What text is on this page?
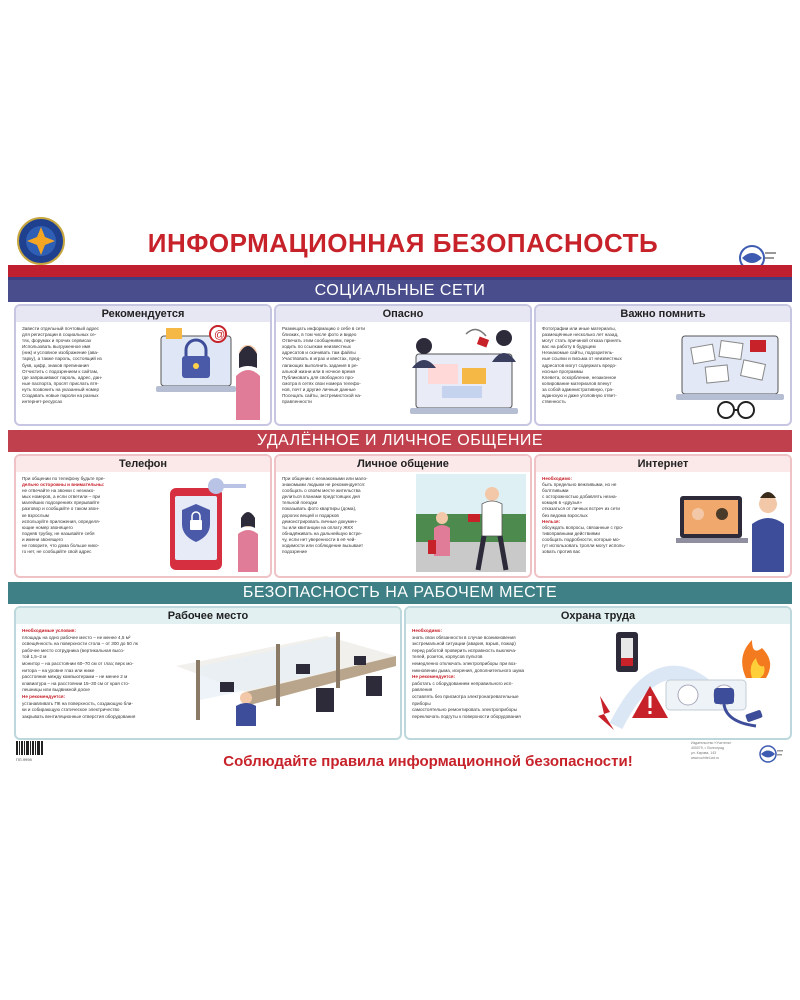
ИНФОРМАЦИОННАЯ БЕЗОПАСНОСТЬ
СОЦИАЛЬНЫЕ СЕТИ
Рекомендуется
Завести отдельный почтовый адрес
для регистрации в социальных се-
тях, форумах и прочих сервисах
Использовать выгруженное имя
(ник) и условное изображение (ава-
тарку), а также пароль, состоящий из
букв, цифр, знаков препинания
Отчистить с подозрением к сайтам,
где запрашивают пароль, адрес, дан-
ные паспорта, просят прислать втя-
нуть позвонить на указанный номер
Создавать новые пароли на разных
интернет-ресурсах
@
Опасно
Размещать информацию о себе в сети
близких, в том числе фото и видео
Отвечать этим сообщениям, пере-
ходить по ссылкам неизвестных
адресатов и скачивать там файлы
Участвовать в играх и квестах, пред-
лагающих выполнить задания в ре-
альной жизни или в ночное время
Публиковать для свободного про-
смотра в сетях свои номера телефо-
нов, почт и другие личные данные
Посещать сайты, экстремистской на-
правленности
Важно помнить
Фотографии или иные материалы,
размещённые несколько лет назад,
могут стать причиной отказа принять
вас на работу в будущем
Незнакомые сайты, подозритель-
ные ссылки и письма от неизвестных
адресатов могут содержать вредо-
носные программы
Клевета, оскорбление, незаконное
копирование материалов влекут
за собой административную, гра-
жданскую и даже уголовную ответ-
ственность
УДАЛЁННОЕ И ЛИЧНОЕ ОБЩЕНИЕ
Телефон
При общении по телефону будьте пре-
дельно осторожны и внимательны:
не отвечайте на звонки с незнако-
мых номеров, а если ответили – при
малейших подозрениях прерывайте
разговор и сообщайте о таком звон-
ке взрослым
используйте приложения, определя-
ющие номер звонящего
подняв трубку, не называйте себя
и имени звонящего
не говорите, что дома больше нико-
го нет, не сообщайте свой адрес
Личное общение
При общении с незнакомыми или мало-
знакомыми людьми не рекомендуется:
сообщать о своём месте жительства
делиться планами предстоящих дня
тельной поездки
показывать фото квартиры (дома),
дорогих вещей и подарков
демонстрировать личные докумен-
ты или квитанции на оплату ЖКХ
обнадёживать на дальнейшую встре-
чу, если нет уверенности в её чей-
ходимости или соблюдение вызывает
подозрение
Интернет
Необходимо:
быть предельно вежливыми, но не
болтливыми
с осторожностью добавлять незна-
комцев в «друзья»
отказаться от личных встреч из сети
без ведома взрослых
Нельзя:
обсуждать вопросы, связанные с про-
тивоправными действиями
сообщать подробности, которые мо-
гут использовать тролли могут исполь-
зовать против вас
БЕЗОПАСНОСТЬ НА РАБОЧЕМ МЕСТЕ
Рабочее место
Необходимые условия:
площадь на одно рабочее место – не менее 4,5 м²
освещённость на поверхности стола – от 300 до 50 лк
рабочее место сотрудника (вертикальная высо-
той 1,5–2 м
монитор – на расстоянии 60–70 см от глаз; верх мо-
нитора – на уровне глаз или ниже
расстояние между компьютерами – не менее 2 м
клавиатура – на расстоянии 15–30 см от края сто-
лешницы или выдвижной доске
Не рекомендуется:
устанавливать ПК на поверхность, создающую бли-
ки и собирающую статическое электричество
закрывать вентиляционные отверстия оборудования
Охрана труда
Необходимо:
знать свои обязанности в случае возникновения
экстремальной ситуации (авария, взрыв, пожар)
перед работой проверить исправность выключа-
телей, розеток, корпусов пультов
немедленно отключать электроприборы при воз-
никновении дыма, искрения, дополнительного шума
Не рекомендуется:
работать с оборудованием неправильного исп-
равления
оставлять без присмотра электронагревательные
приборы
самостоятельно ремонтировать электроприборы
переключать подгуты к поверхности оборудования
ПЛ-9998	Соблюдайте правила информационной безопасности!
Издательство «Учитель»
400079, г. Волгоград
ул. Кирова, 143
www.uchitel-izd.ru
